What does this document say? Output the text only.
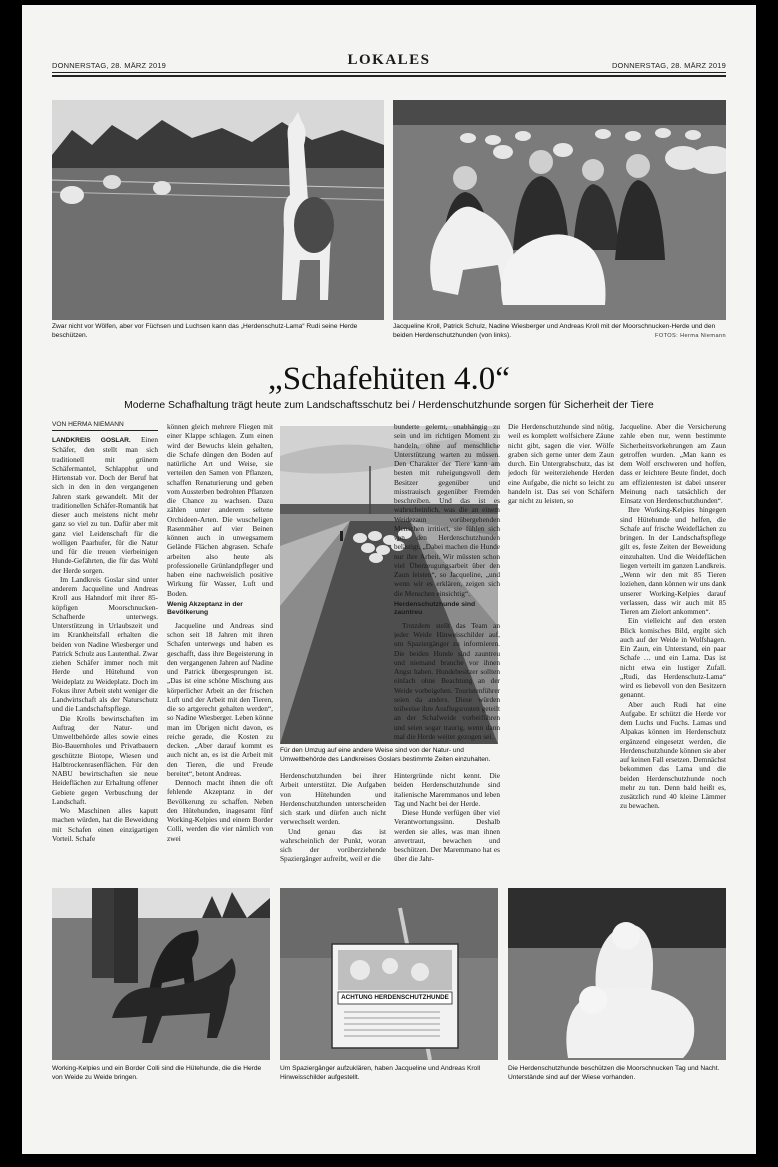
DONNERSTAG, 28. MÄRZ 2019	LOKALES	DONNERSTAG, 28. MÄRZ 2019
Zwar nicht vor Wölfen, aber vor Füchsen und Luchsen kann das „Herdenschutz-Lama“ Rudi seine Herde beschützen.
Jacqueline Kroll, Patrick Schulz, Nadine Wiesberger und Andreas Kroll mit der Moorschnucken-Herde und den beiden Herdenschutzhunden (von links).	FOTOS: Herma Niemann
„Schafehüten 4.0“
Moderne Schafhaltung trägt heute zum Landschaftsschutz bei / Herdenschutzhunde sorgen für Sicherheit der Tiere
VON HERMA NIEMANN

LANDKREIS GOSLAR. Einen Schäfer, den stellt man sich traditionell mit grünem Schäfermantel, Schlapphut und Hirtenstab vor. Doch der Beruf hat sich in den in den vergangenen Jahren stark gewandelt. Mit der traditionellen Schäfer-Romantik hat dieser auch meistens nicht mehr ganz so viel zu tun. Dafür aber mit ganz viel Leidenschaft für die wolligen Paarhufer, für die Natur und für die treuen vierbeinigen Hunde-Gefährten, die für das Wohl der Herde sorgen.

Im Landkreis Goslar sind unter anderem Jacqueline und Andreas Kroll aus Hahndorf mit ihrer 85-köpfigen Moorschnucken-Schafherde unterwegs. Unterstützung in Urlaubszeit und im Krankheitsfall erhalten die beiden von Nadine Wiesberger und Patrick Schulz aus Lautenthal. Zwar ziehen Schäfer immer noch mit Herde und Hütehund von Weideplatz zu Weideplatz. Doch im Fokus ihrer Arbeit steht weniger die Landwirtschaft als der Naturschutz und die Landschaftspflege.

Die Krolls bewirtschaften im Auftrag der Natur- und Umweltbehörde alles sowie eines Bio-Bauernholes und Privatbauern geschützte Biotope, Wiesen und Halbtrockenrasenflächen. Für den NABU bewirtschaften sie neue Heideflächen zur Erhaltung offener Gebiete gegen Verbuschung der Landschaft.

Wo Maschinen alles kaputt machen würden, hat die Beweidung mit Schafen einen einzigartigen Vorteil. Schafe

können gleich mehrere Fliegen mit einer Klappe schlagen. Zum einen wird der Bewuchs klein gehalten, die Schafe düngen den Boden auf natürliche Art und Weise, sie verteilen den Samen von Pflanzen, schaffen Renaturierung und geben vom Aussterben bedrohten Pflanzen die Chance zu wachsen. Dazu zählen unter anderem seltene Orchideen-Arten. Die wuscheligen Rasenmäher auf vier Beinen können auch in unwegsamem Gelände Flächen abgrasen. Schafe arbeiten also heute als professionelle Grünlandpfleger und haben eine nachweislich positive Wirkung für Wasser, Luft und Boden.

Wenig Akzeptanz in der Bevölkerung

Jacqueline und Andreas sind schon seit 18 Jahren mit ihren Schafen unterwegs und haben es geschafft, dass ihre Begeisterung in den vergangenen Jahren auf Nadine und Patrick übergesprungen ist. „Das ist eine schöne Mischung aus körperlicher Arbeit an der frischen Luft und der Arbeit mit den Tieren, die so artgerecht gehalten werden“, so Nadine Wiesberger. Leben könne man im Übrigen nicht davon, es reiche gerade, die Kosten zu decken. „Aber darauf kommt es auch nicht an, es ist die Arbeit mit den Tieren, die und Freude bereitet“, betont Andreas.

Dennoch macht ihnen die oft fehlende Akzeptanz in der Bevölkerung zu schaffen. Neben den Hütehunden, inagesamt fünf Working-Kelpies und einem Border Colli, werden die vier nämlich von zwei

Für den Umzug auf eine andere Weise sind von der Natur- und Umweltbehörde des Landkreises Goslars bestimmte Zeiten einzuhalten.

Herdenschutzhunden bei ihrer Arbeit unterstützt. Die Aufgaben von Hütehunden und Herdenschutzhunden unterscheiden sich stark und dürfen auch nicht verwechselt werden.

Und genau das ist wahrscheinlich der Punkt, woran sich der vorüberziehende Spaziergänger aufreibt, weil er die

bunderte gelernt, unabhängig zu sein und im richtigen Moment zu handeln, ohne auf menschliche Unterstützung warten zu müssen. Den Charakter der Tiere kann am besten mit ruheigungsvoll dem Besitzer gegenüber und misstrauisch gegenüber Fremden beschreiben. Und das ist es wahrscheinlich, was die an einem Weidezaun vorübergehenden Menschen irritiert, sie fühlen sich von den Herdenschutzhunden belästigt. „Dabei machen die Hunde nur ihre Arbeit. Wir müssten schon viel Überzeugungsarbeit über den Zaun leisten“, so Jacqueline, „und wenn wir es erklären, zeigen sich die Menschen einsichtig“.

Herdenschutzhunde sind zauntreu

Trotzdem stellt das Team an jeder Weide Hinweisschilder auf, um Spaziergänger zu informieren. Die beiden Hunde sind zauntreu und niemand brauche vor ihnen Angst haben. Hundebesitzer sollten einfach ohne Beachtung an der Weide vorbeigehen. Touristenführer seien da anders. Diese würden teilweise ihre Ausflugsrouten geteilt an der Schafweide vorbeiführen und seien sogar traurig, wenn dann mal die Herde weiter gezogen sei.

Hintergründe nicht kennt. Die beiden Herdenschutzhunde sind italienische Maremmanos und leben Tag und Nacht bei der Herde.

Diese Hunde verfügen über viel Verantwortungssinn. Deshalb werden sie alles, was man ihnen anvertraut, bewachen und beschützen. Der Maremmano hat es über die Jahr-

Die Herdenschutzhunde sind nötig, weil es komplett wolfsichere Zäune nicht gibt, sagen die vier. Wölfe graben sich gerne unter dem Zaun durch. Ein Untergrabschutz, das ist jedoch für weiterziehende Herden eine Aufgabe, die nicht so leicht zu handeln ist. Das sei von Schäfern gar nicht zu leisten, so

Jacqueline. Aber die Versicherung zahle eben nur, wenn bestimmte Sicherheitsvorkehrungen am Zaun getroffen wurden. „Man kann es dem Wolf erschweren und hoffen, dass er leichtere Beute findet, doch am effizientesten ist dabei unserer Meinung nach tatsächlich der Einsatz von Herdenschutzhunden“.

Ihre Working-Kelpies hingegen sind Hütehunde und helfen, die Schafe auf frische Weideflächen zu bringen. In der Landschaftspflege gilt es, feste Zeiten der Beweidung einzuhalten. Und die Weideflächen liegen verteilt im ganzen Landkreis. „Wenn wir den mit 85 Tieren loziehen, dann können wir uns dank unserer Working-Kelpies darauf verlassen, dass wir auch mit 85 Tieren am Zielort ankommen“.

Ein vielleicht auf den ersten Blick komisches Bild, ergibt sich auch auf der Weide in Wolfshagen. Ein Zaun, ein Unterstand, ein paar Schafe … und ein Lama. Das ist nicht etwa ein lustiger Zufall. „Rudi, das Herdenschutz-Lama“ wird es liebevoll von den Besitzern genannt.

Aber auch Rudi hat eine Aufgabe. Er schützt die Herde vor dem Luchs und Fuchs. Lamas und Alpakas können im Herdenschutz ergänzend eingesetzt werden, die Herdenschutzhunde können sie aber auf keinen Fall ersetzen. Demnächst bekommen das Lama und die beiden Herdenschutzhunde noch mehr zu tun. Denn bald heißt es, zusätzlich rund 40 kleine Lämmer zu bewachen.

Working-Kelpies und ein Border Colli sind die Hütehunde, die die Herde von Weide zu Weide bringen.
ACHTUNG HERDENSCHUTZHUNDE
Um Spaziergänger aufzuklären, haben Jacqueline und Andreas Kroll Hinweisschilder aufgestellt.
Die Herdenschutzhunde beschützen die Moorschnucken Tag und Nacht. Unterstände sind auf der Wiese vorhanden.
